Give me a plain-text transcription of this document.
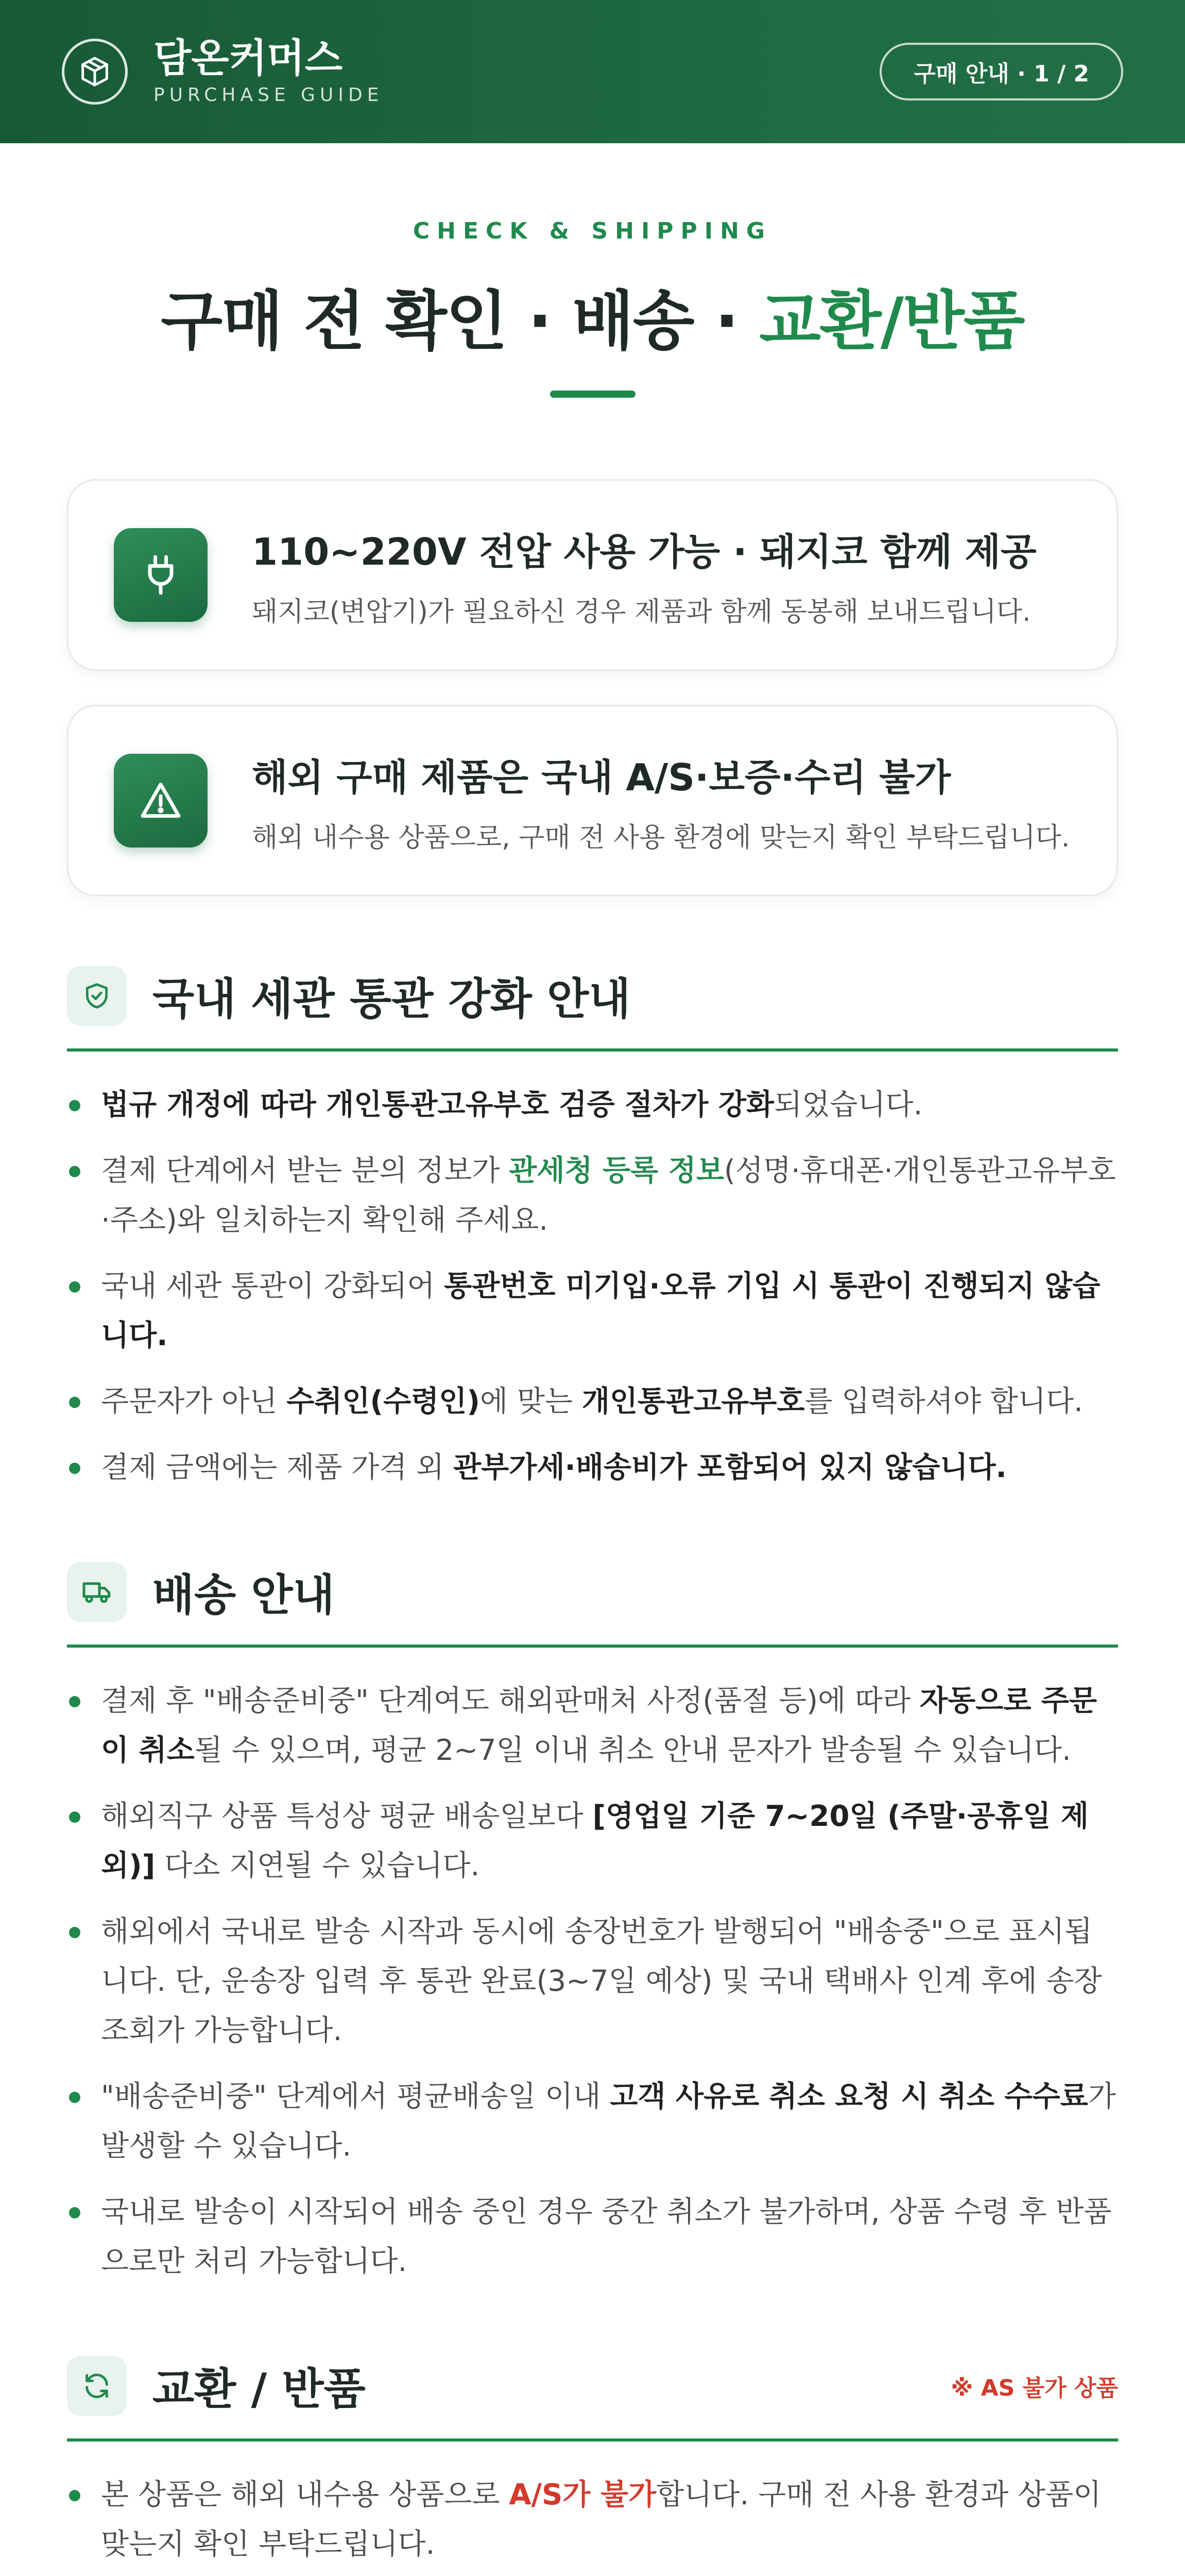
담온커머스
PURCHASE GUIDE
구매 안내 · 1 / 2
CHECK & SHIPPING
구매 전 확인 · 배송 · 교환/반품
110~220V 전압 사용 가능 · 돼지코 함께 제공
돼지코(변압기)가 필요하신 경우 제품과 함께 동봉해 보내드립니다.
해외 구매 제품은 국내 A/S·보증·수리 불가
해외 내수용 상품으로, 구매 전 사용 환경에 맞는지 확인 부탁드립니다.
국내 세관 통관 강화 안내
법규 개정에 따라 개인통관고유부호 검증 절차가 강화되었습니다.
결제 단계에서 받는 분의 정보가 관세청 등록 정보(성명·휴대폰·개인통관고유부호·주소)와 일치하는지 확인해 주세요.
국내 세관 통관이 강화되어 통관번호 미기입·오류 기입 시 통관이 진행되지 않습니다.
주문자가 아닌 수취인(수령인)에 맞는 개인통관고유부호를 입력하셔야 합니다.
결제 금액에는 제품 가격 외 관부가세·배송비가 포함되어 있지 않습니다.
배송 안내
결제 후 "배송준비중" 단계여도 해외판매처 사정(품절 등)에 따라 자동으로 주문이 취소될 수 있으며, 평균 2~7일 이내 취소 안내 문자가 발송될 수 있습니다.
해외직구 상품 특성상 평균 배송일보다 [영업일 기준 7~20일 (주말·공휴일 제외)] 다소 지연될 수 있습니다.
해외에서 국내로 발송 시작과 동시에 송장번호가 발행되어 "배송중"으로 표시됩니다. 단, 운송장 입력 후 통관 완료(3~7일 예상) 및 국내 택배사 인계 후에 송장 조회가 가능합니다.
"배송준비중" 단계에서 평균배송일 이내 고객 사유로 취소 요청 시 취소 수수료가 발생할 수 있습니다.
국내로 발송이 시작되어 배송 중인 경우 중간 취소가 불가하며, 상품 수령 후 반품으로만 처리 가능합니다.
교환 / 반품	※ AS 불가 상품
본 상품은 해외 내수용 상품으로 A/S가 불가합니다. 구매 전 사용 환경과 상품이 맞는지 확인 부탁드립니다.
